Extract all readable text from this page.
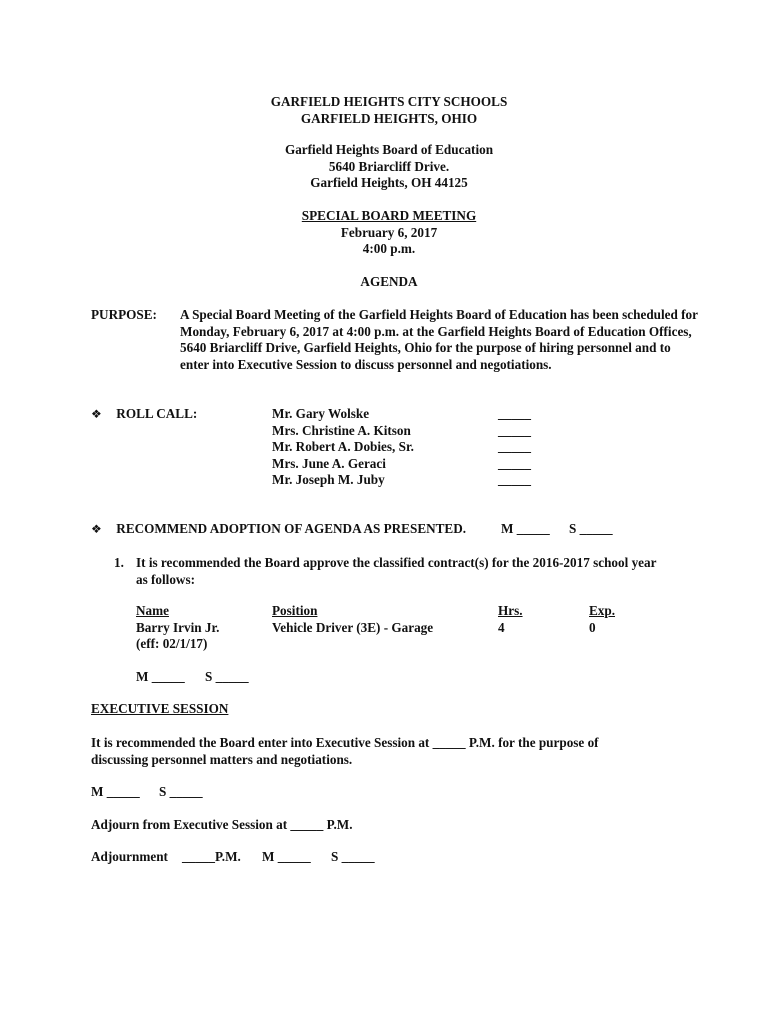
GARFIELD HEIGHTS CITY SCHOOLS
GARFIELD HEIGHTS, OHIO
Garfield Heights Board of Education
5640 Briarcliff Drive.
Garfield Heights, OH 44125
SPECIAL BOARD MEETING
February 6, 2017
4:00 p.m.
AGENDA
PURPOSE: A Special Board Meeting of the Garfield Heights Board of Education has been scheduled for Monday, February 6, 2017 at 4:00 p.m. at the Garfield Heights Board of Education Offices, 5640 Briarcliff Drive, Garfield Heights, Ohio for the purpose of hiring personnel and to enter into Executive Session to discuss personnel and negotiations.
❖ ROLL CALL:	Mr. Gary Wolske
Mrs. Christine A. Kitson
Mr. Robert A. Dobies, Sr.
Mrs. June A. Geraci
Mr. Joseph M. Juby
_____
_____
_____
_____
_____
❖ RECOMMEND ADOPTION OF AGENDA AS PRESENTED.	M _____ S _____
1. It is recommended the Board approve the classified contract(s) for the 2016-2017 school year
as follows:
Name
Barry Irvin Jr.
(eff: 02/1/17)
Position
Vehicle Driver (3E) - Garage
Hrs.
4
Exp.
0
M _____ S _____
EXECUTIVE SESSION
It is recommended the Board enter into Executive Session at _____ P.M. for the purpose of
discussing personnel matters and negotiations.
M _____ S _____
Adjourn from Executive Session at _____ P.M.
Adjournment _____P.M. M _____ S _____
